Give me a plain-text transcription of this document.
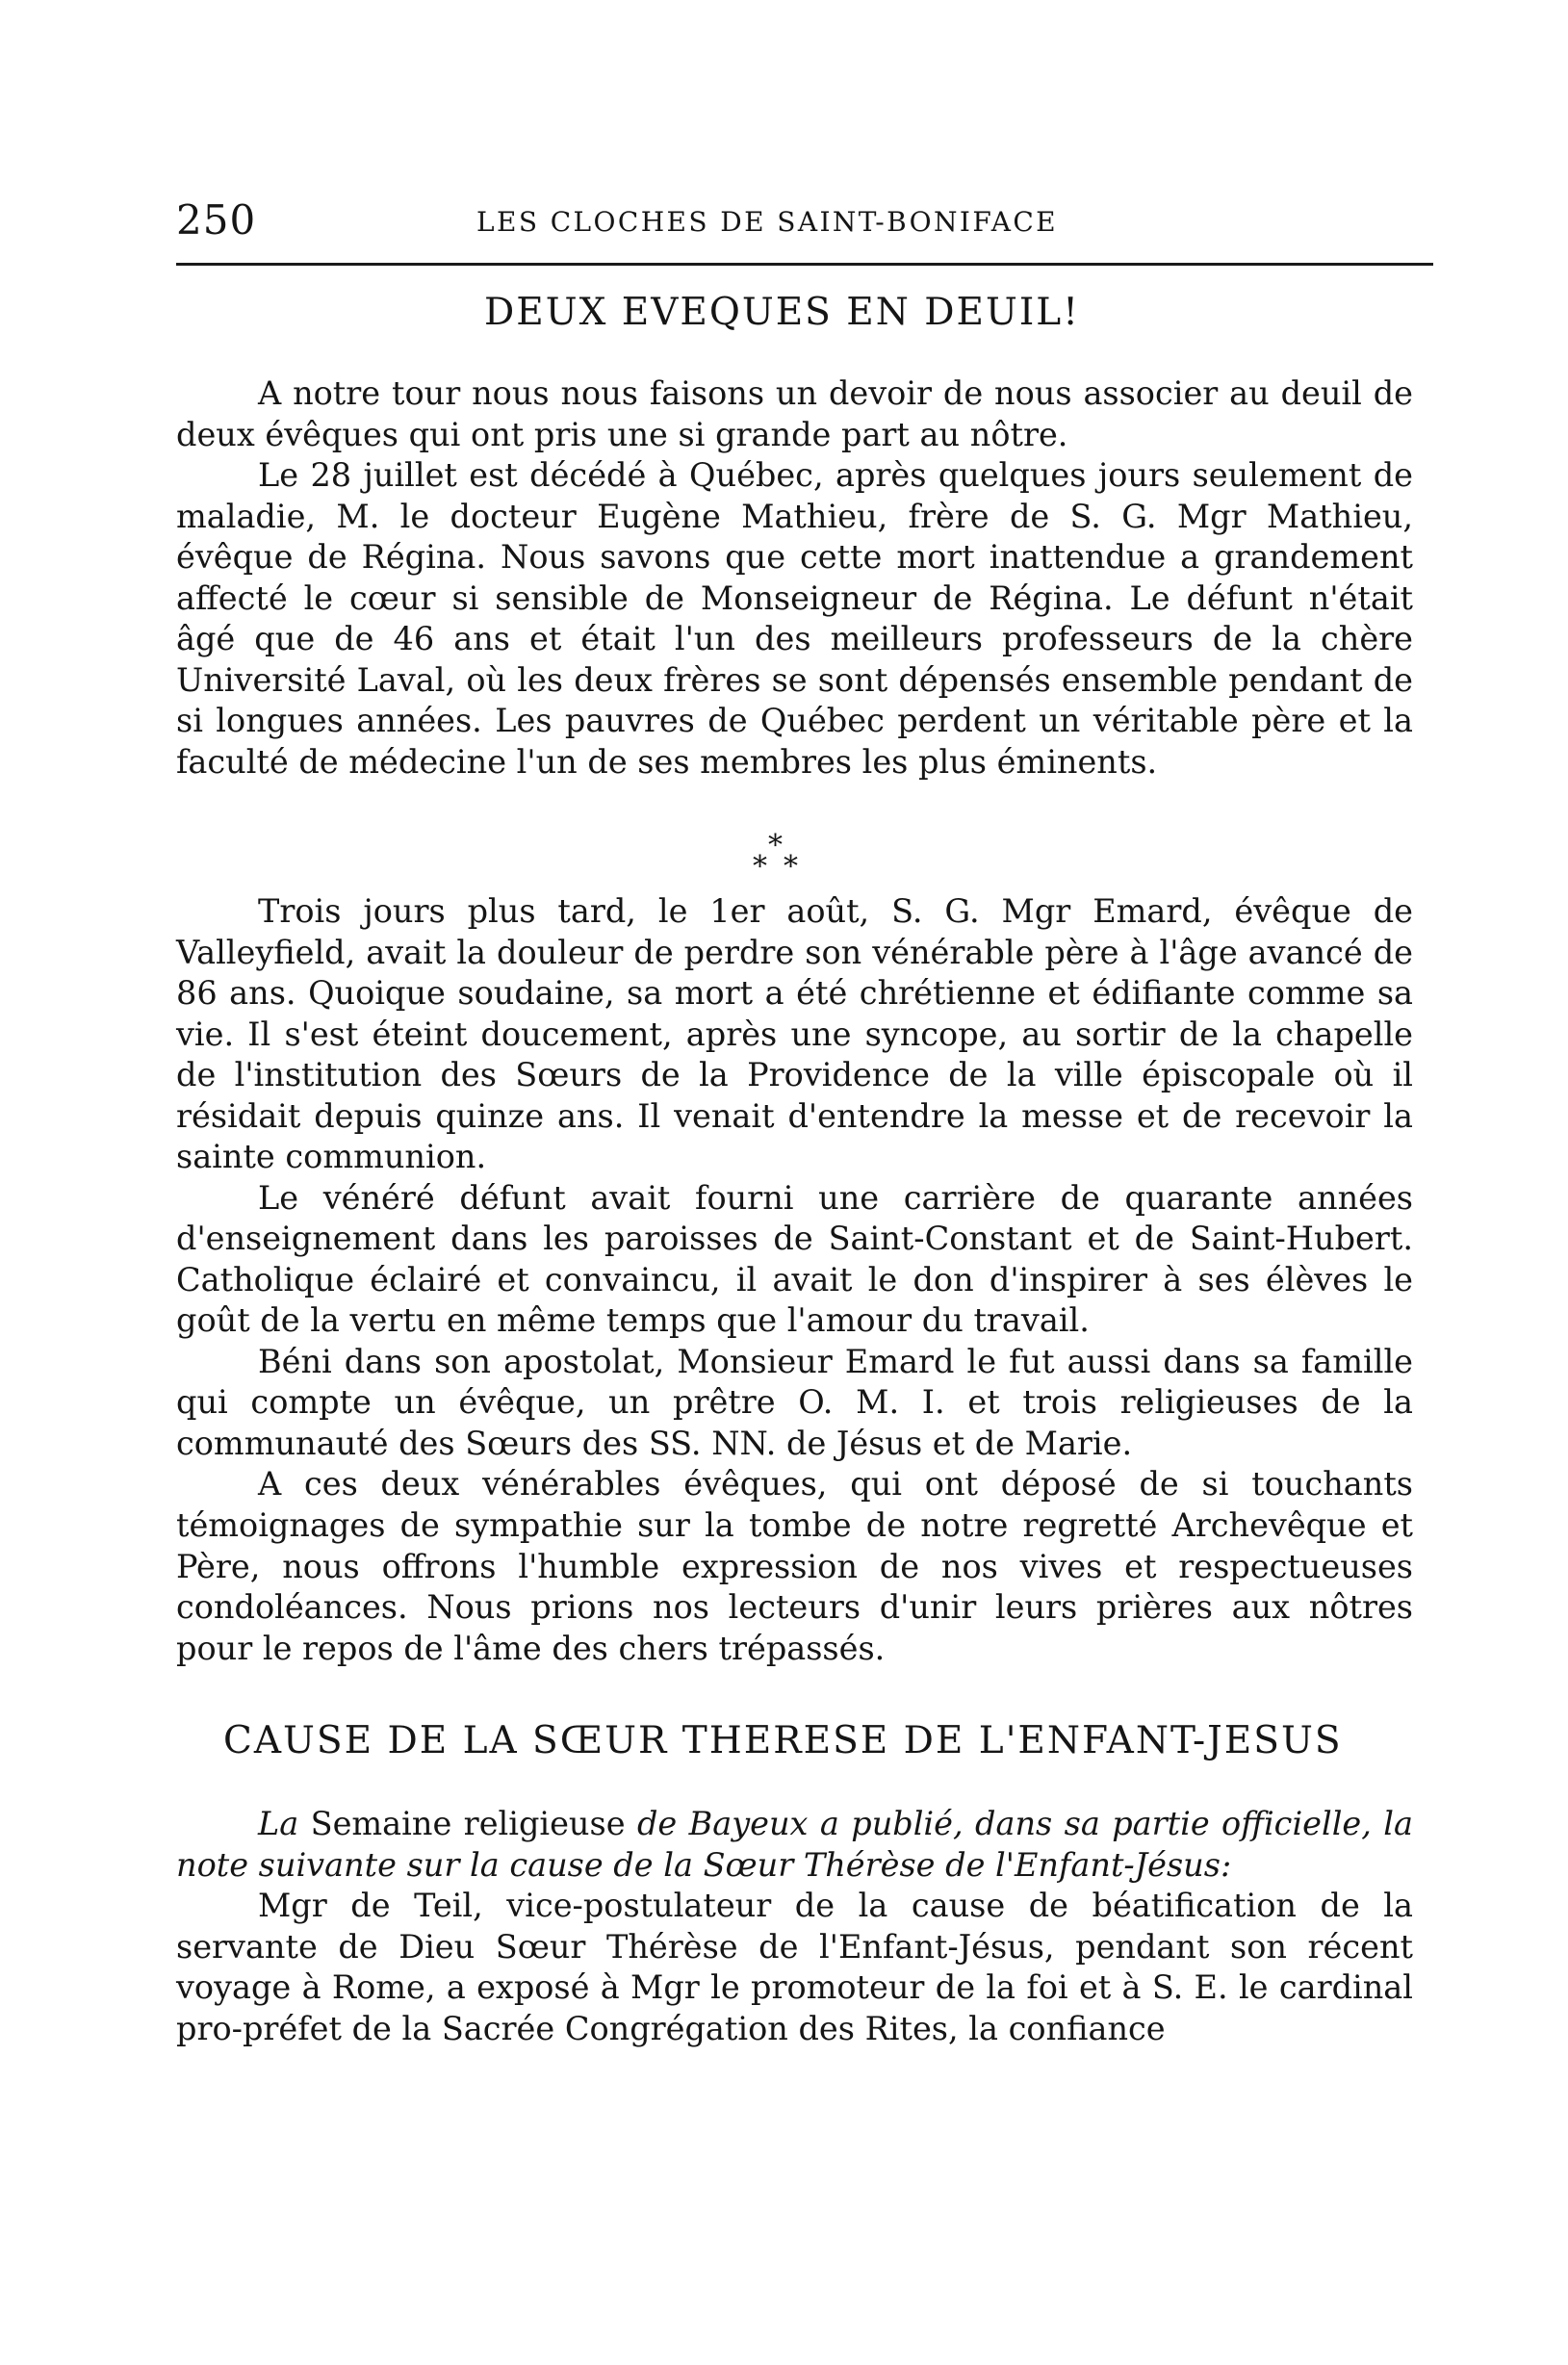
250	LES CLOCHES DE SAINT-BONIFACE
DEUX EVEQUES EN DEUIL!

A notre tour nous nous faisons un devoir de nous associer au deuil de deux évêques qui ont pris une si grande part au nôtre.

Le 28 juillet est décédé à Québec, après quelques jours seulement de maladie, M. le docteur Eugène Mathieu, frère de S. G. Mgr Mathieu, évêque de Régina. Nous savons que cette mort inattendue a grandement affecté le cœur si sensible de Monseigneur de Régina. Le défunt n'était âgé que de 46 ans et était l'un des meilleurs professeurs de la chère Université Laval, où les deux frères se sont dépensés ensemble pendant de si longues années. Les pauvres de Québec perdent un véritable père et la faculté de médecine l'un de ses membres les plus éminents.

*
* *

Trois jours plus tard, le 1er août, S. G. Mgr Emard, évêque de Valleyfield, avait la douleur de perdre son vénérable père à l'âge avancé de 86 ans. Quoique soudaine, sa mort a été chrétienne et édifiante comme sa vie. Il s'est éteint doucement, après une syncope, au sortir de la chapelle de l'institution des Sœurs de la Providence de la ville épiscopale où il résidait depuis quinze ans. Il venait d'entendre la messe et de recevoir la sainte communion.

Le vénéré défunt avait fourni une carrière de quarante années d'enseignement dans les paroisses de Saint-Constant et de Saint-Hubert. Catholique éclairé et convaincu, il avait le don d'inspirer à ses élèves le goût de la vertu en même temps que l'amour du travail.

Béni dans son apostolat, Monsieur Emard le fut aussi dans sa famille qui compte un évêque, un prêtre O. M. I. et trois religieuses de la communauté des Sœurs des SS. NN. de Jésus et de Marie.

A ces deux vénérables évêques, qui ont déposé de si touchants témoignages de sympathie sur la tombe de notre regretté Archevêque et Père, nous offrons l'humble expression de nos vives et respectueuses condoléances. Nous prions nos lecteurs d'unir leurs prières aux nôtres pour le repos de l'âme des chers trépassés.

CAUSE DE LA SŒUR THERESE DE L'ENFANT-JESUS

La Semaine religieuse de Bayeux a publié, dans sa partie officielle, la note suivante sur la cause de la Sœur Thérèse de l'Enfant-Jésus:

Mgr de Teil, vice-postulateur de la cause de béatification de la servante de Dieu Sœur Thérèse de l'Enfant-Jésus, pendant son récent voyage à Rome, a exposé à Mgr le promoteur de la foi et à S. E. le cardinal pro-préfet de la Sacrée Congrégation des Rites, la confiance
